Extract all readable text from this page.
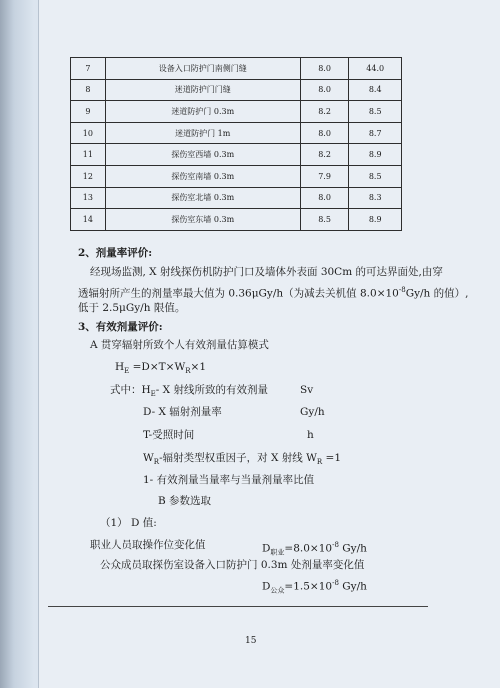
7	设备入口防护门南侧门缝	8.0	44.0
8	迷道防护门门缝	8.0	8.4
9	迷道防护门 0.3m	8.2	8.5
10	迷道防护门 1m	8.0	8.7
11	探伤室西墙 0.3m	8.2	8.9
12	探伤室南墙 0.3m	7.9	8.5
13	探伤室北墙 0.3m	8.0	8.3
14	探伤室东墙 0.3m	8.5	8.9
2、剂量率评价:
经现场监测, X 射线探伤机防护门口及墙体外表面 30Cm 的可达界面处,由穿
透辐射所产生的剂量率最大值为 0.36μGy/h（为减去关机值 $8.0\times 10^{-8}Gy/h$ 的值）,
低于 2.5μGy/h 限值。
3、有效剂量评价:
A 贯穿辐射所致个人有效剂量估算模式
$H_E =D\times T\times W_R\times 1$
式中：$H_E-$ X 射线所致的有效剂量	Sv
D- X 辐射剂量率	Gy/h
T-受照时间	h
$W_R-$辐射类型权重因子，对 X 射线 $W_R =1$
1- 有效剂量当量率与当量剂量率比值
B 参数选取
（1） D 值:
职业人员取操作位变化值	$D_{职业}=8.0\times 10^{-8}$ Gy/h
公众成员取探伤室设备入口防护门 0.3m 处剂量率变化值
$D_{公众}=1.5\times 10^{-8}$ Gy/h
15
